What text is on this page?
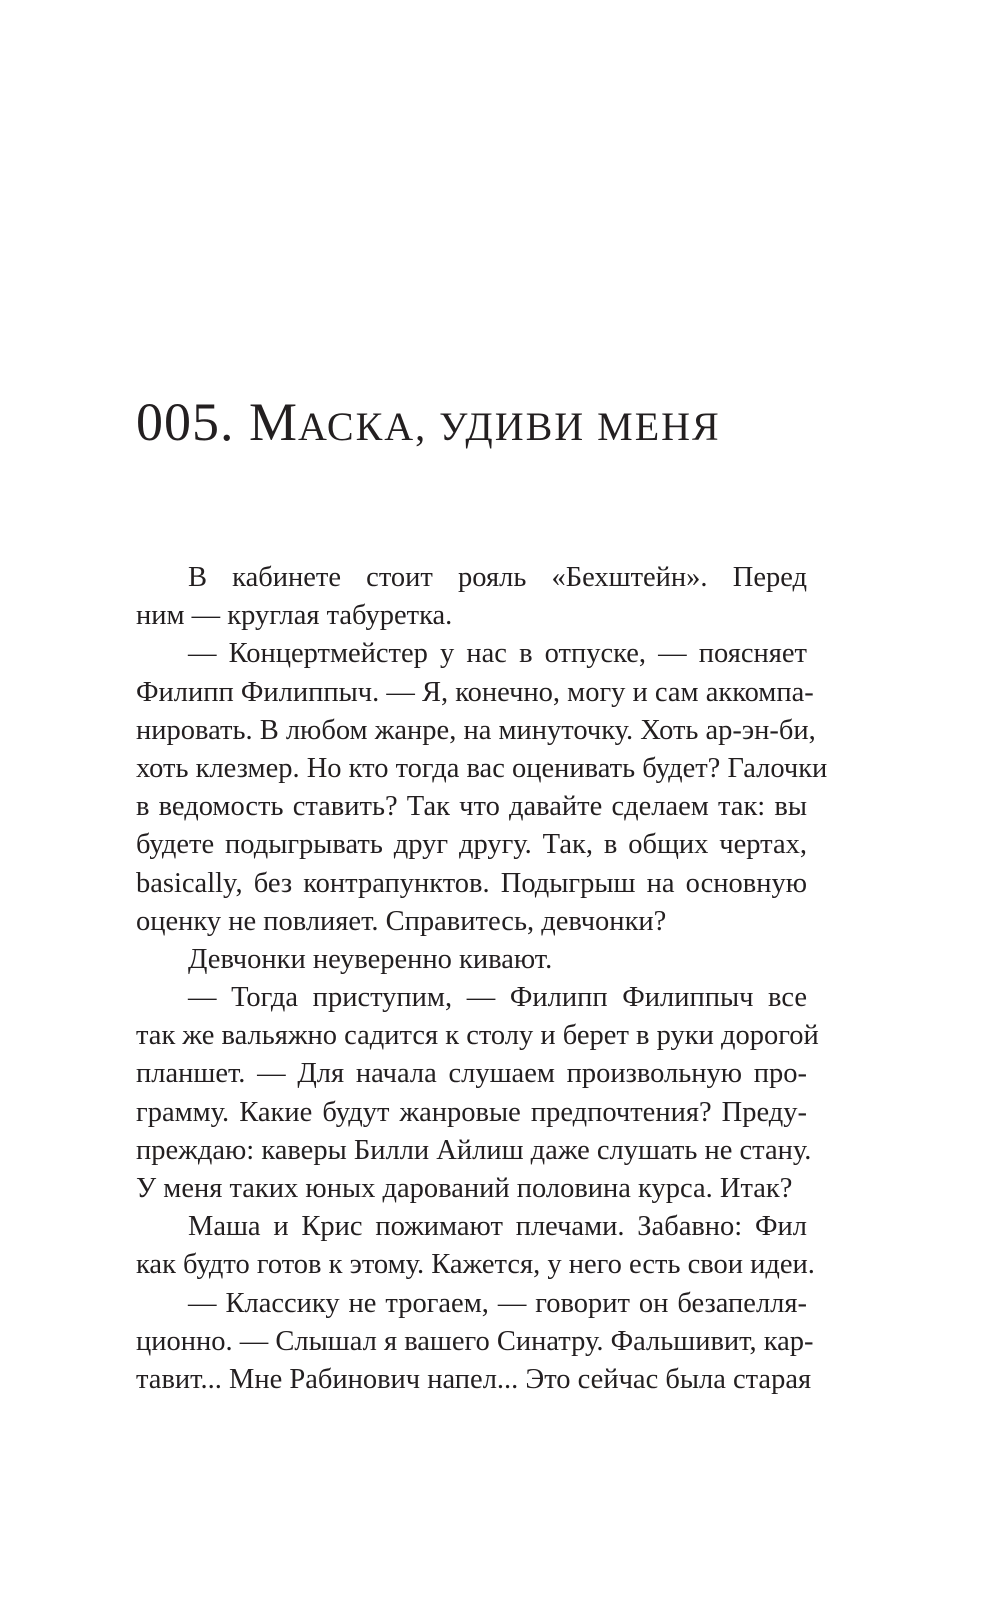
005. МАСКА, УДИВИ МЕНЯ
В кабинете стоит рояль «Бехштейн». Перед
ним — круглая табуретка.
— Концертмейстер у нас в отпуске, — поясняет
Филипп Филиппыч. — Я, конечно, могу и сам аккомпа-
нировать. В любом жанре, на минуточку. Хоть ар-эн-би,
хоть клезмер. Но кто тогда вас оценивать будет? Галочки
в ведомость ставить? Так что давайте сделаем так: вы
будете подыгрывать друг другу. Так, в общих чертах,
basically, без контрапунктов. Подыгрыш на основную
оценку не повлияет. Справитесь, девчонки?
Девчонки неуверенно кивают.
— Тогда приступим, — Филипп Филиппыч все
так же вальяжно садится к столу и берет в руки дорогой
планшет. — Для начала слушаем произвольную про-
грамму. Какие будут жанровые предпочтения? Преду-
преждаю: каверы Билли Айлиш даже слушать не стану.
У меня таких юных дарований половина курса. Итак?
Маша и Крис пожимают плечами. Забавно: Фил
как будто готов к этому. Кажется, у него есть свои идеи.
— Классику не трогаем, — говорит он безапелля-
ционно. — Слышал я вашего Синатру. Фальшивит, кар-
тавит... Мне Рабинович напел... Это сейчас была старая
